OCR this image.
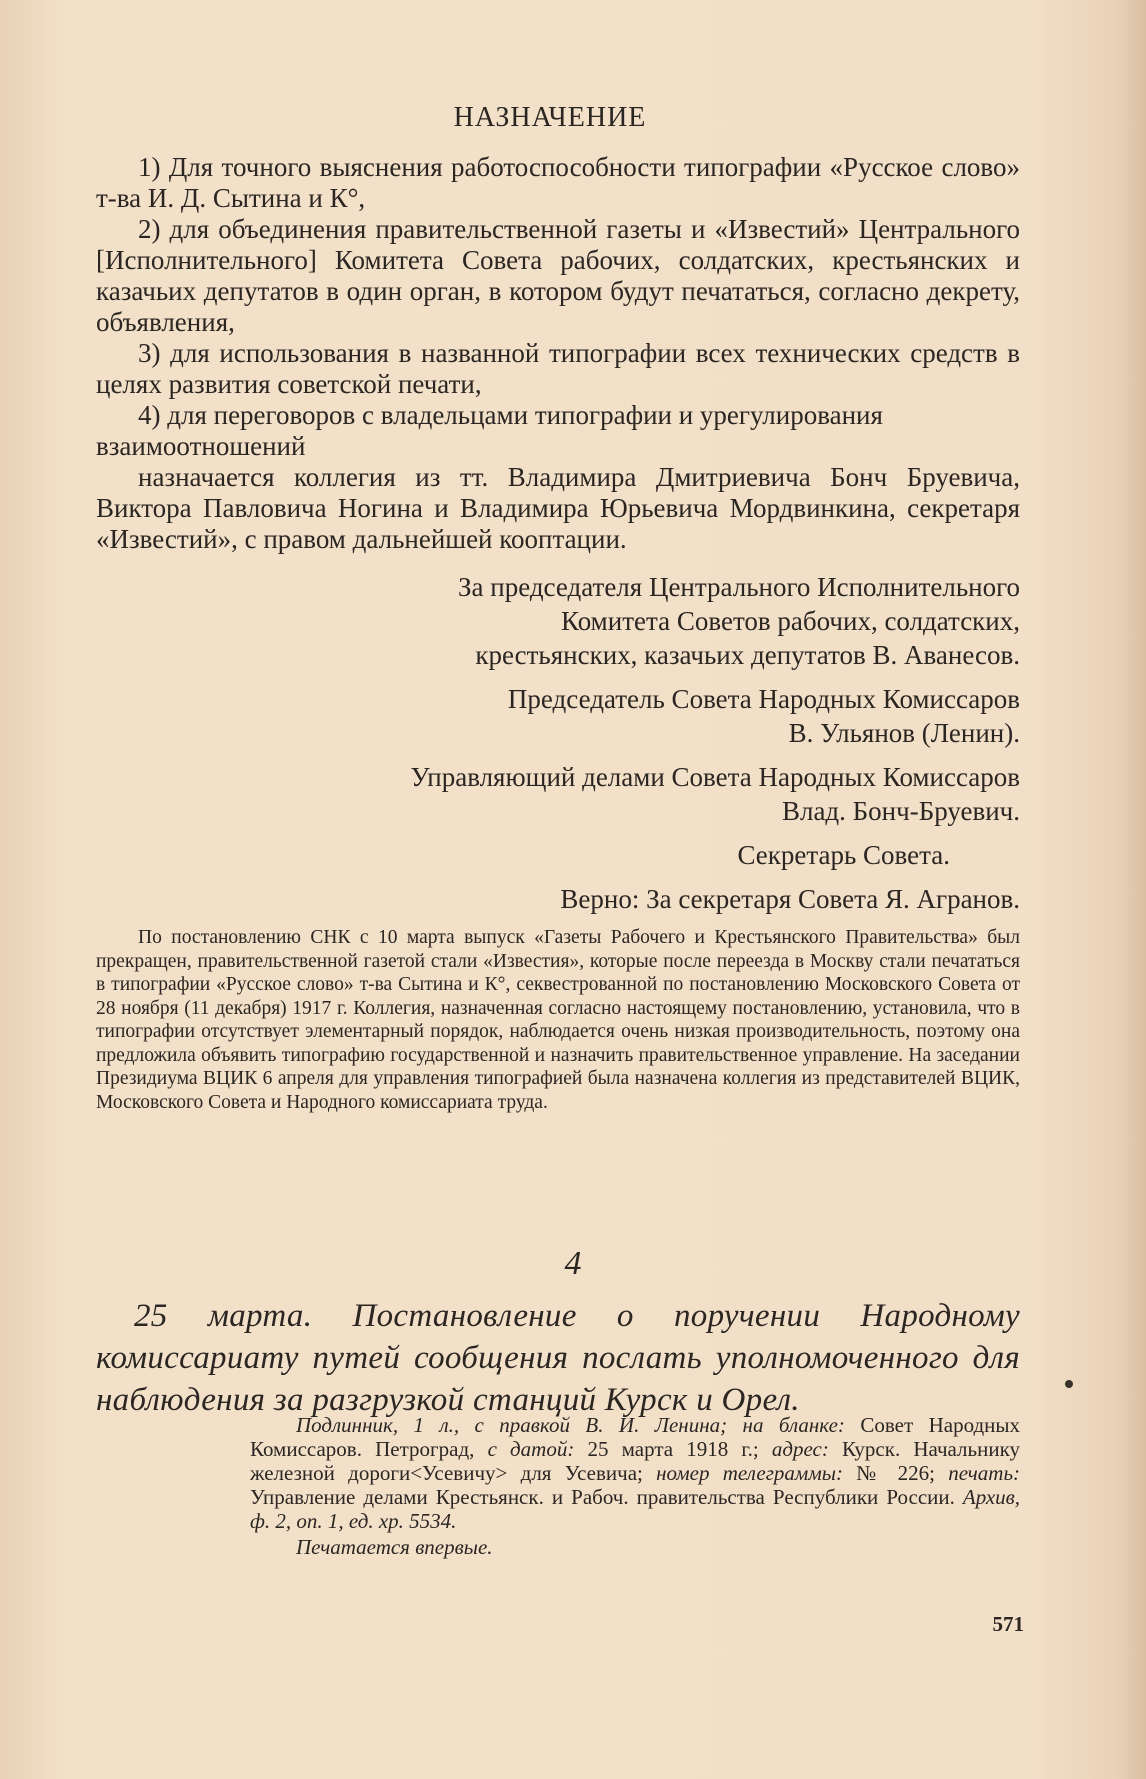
НАЗНАЧЕНИЕ

1) Для точного выяснения работоспособности типографии «Русское слово» т-ва И. Д. Сытина и К°,

2) для объединения правительственной газеты и «Известий» Центрального [Исполнительного] Комитета Совета рабочих, солдатских, крестьянских и казачьих депутатов в один орган, в котором будут печататься, согласно декрету, объявления,

3) для использования в названной типографии всех технических средств в целях развития советской печати,

4) для переговоров с владельцами типографии и урегулирования взаимоотношений

назначается коллегия из тт. Владимира Дмитриевича Бонч Бруевича, Виктора Павловича Ногина и Владимира Юрьевича Мордвинкина, секретаря «Известий», с правом дальнейшей кооптации.

За председателя Центрального Исполнительного

Комитета Советов рабочих, солдатских,

крестьянских, казачьих депутатов В. Аванесов.

Председатель Совета Народных Комиссаров

В. Ульянов (Ленин).

Управляющий делами Совета Народных Комиссаров

Влад. Бонч-Бруевич.

Секретарь Совета.

Верно: За секретаря Совета Я. Агранов.

По постановлению СНК с 10 марта выпуск «Газеты Рабочего и Крестьянского Правительства» был прекращен, правительственной газетой стали «Известия», которые после переезда в Москву стали печататься в типографии «Русское слово» т-ва Сытина и К°, секвестрованной по постановлению Московского Совета от 28 ноября (11 декабря) 1917 г. Коллегия, назначенная согласно настоящему постановлению, установила, что в типографии отсутствует элементарный порядок, наблюдается очень низкая производительность, поэтому она предложила объявить типографию государственной и назначить правительственное управление. На заседании Президиума ВЦИК 6 апреля для управления типографией была назначена коллегия из представителей ВЦИК, Московского Совета и Народного комиссариата труда.

4
25 марта. Постановление о поручении Народному комиссариату путей сообщения послать уполномоченного для наблюдения за разгрузкой станций Курск и Орел.

Подлинник, 1 л., с правкой В. И. Ленина; на бланке: Совет Народных Комиссаров. Петроград, с датой: 25 марта 1918 г.; адрес: Курск. Начальнику железной дороги<Усевичу> для Усевича; номер телеграммы: № 226; печать: Управление делами Крестьянск. и Рабоч. правительства Республики России. Архив, ф. 2, оп. 1, ед. хр. 5534.

Печатается впервые.

571
